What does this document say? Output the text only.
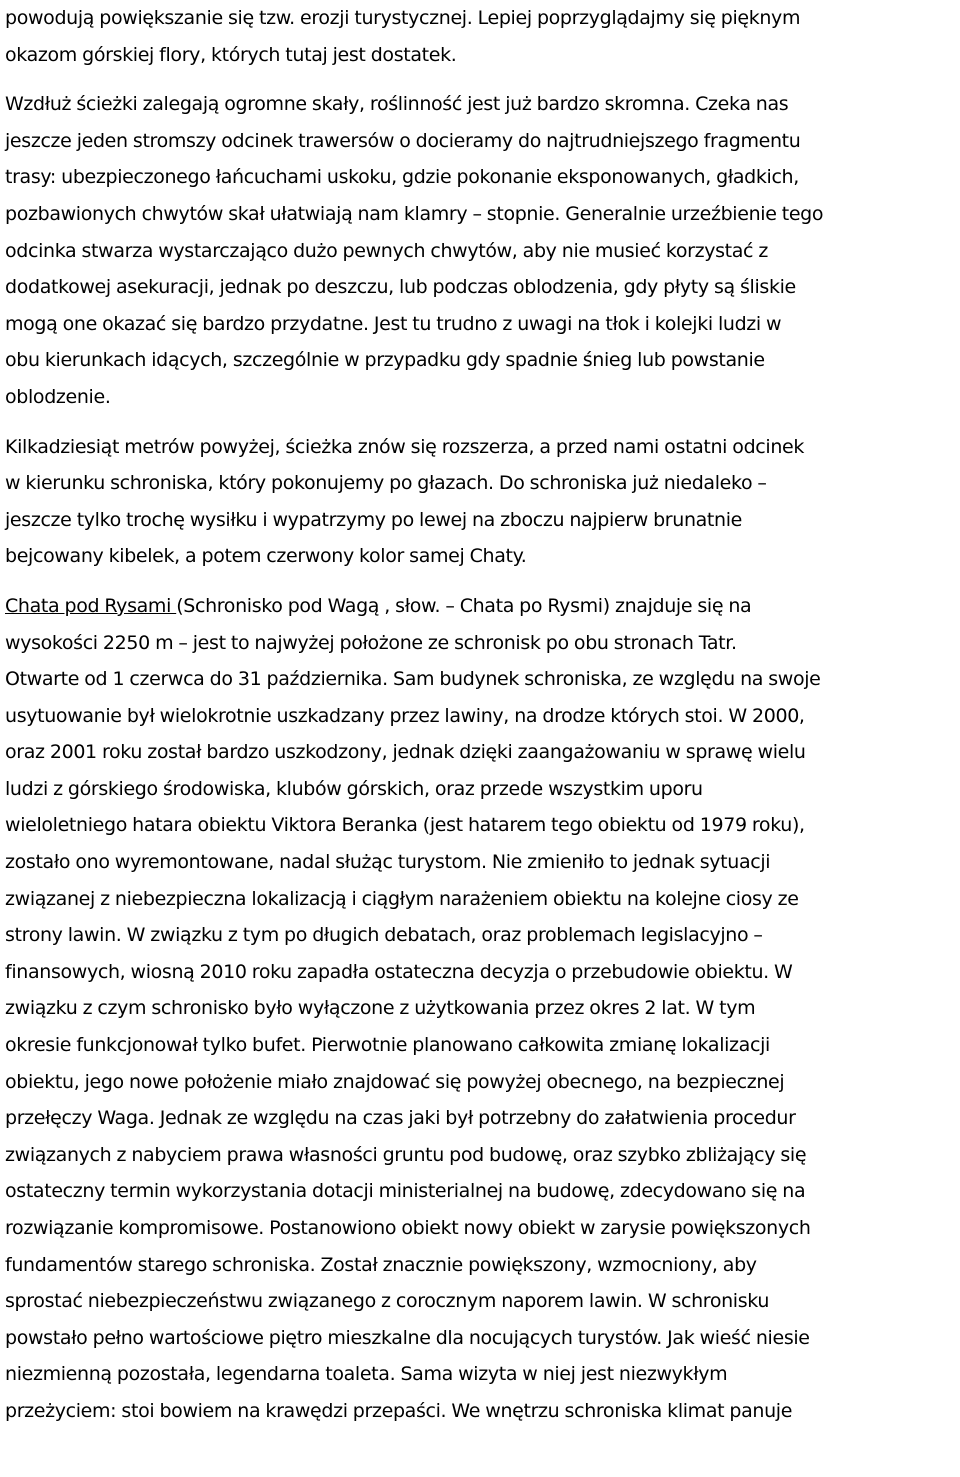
powodują powiększanie się tzw. erozji turystycznej. Lepiej poprzyglądajmy się pięknym
okazom górskiej flory, których tutaj jest dostatek.
Wzdłuż ścieżki zalegają ogromne skały, roślinność jest już bardzo skromna. Czeka nas
jeszcze jeden stromszy odcinek trawersów o docieramy do najtrudniejszego fragmentu
trasy: ubezpieczonego łańcuchami uskoku, gdzie pokonanie eksponowanych, gładkich,
pozbawionych chwytów skał ułatwiają nam klamry – stopnie. Generalnie urzeźbienie tego
odcinka stwarza wystarczająco dużo pewnych chwytów, aby nie musieć korzystać z
dodatkowej asekuracji, jednak po deszczu, lub podczas oblodzenia, gdy płyty są śliskie
mogą one okazać się bardzo przydatne. Jest tu trudno z uwagi na tłok i kolejki ludzi w
obu kierunkach idących, szczególnie w przypadku gdy spadnie śnieg lub powstanie
oblodzenie.
Kilkadziesiąt metrów powyżej, ścieżka znów się rozszerza, a przed nami ostatni odcinek
w kierunku schroniska, który pokonujemy po głazach. Do schroniska już niedaleko –
jeszcze tylko trochę wysiłku i wypatrzymy po lewej na zboczu najpierw brunatnie
bejcowany kibelek, a potem czerwony kolor samej Chaty.
Chata pod Rysami (Schronisko pod Wagą , słow. – Chata po Rysmi) znajduje się na
wysokości 2250 m – jest to najwyżej położone ze schronisk po obu stronach Tatr.
Otwarte od 1 czerwca do 31 października. Sam budynek schroniska, ze względu na swoje
usytuowanie był wielokrotnie uszkadzany przez lawiny, na drodze których stoi. W 2000,
oraz 2001 roku został bardzo uszkodzony, jednak dzięki zaangażowaniu w sprawę wielu
ludzi z górskiego środowiska, klubów górskich, oraz przede wszystkim uporu
wieloletniego hatara obiektu Viktora Beranka (jest hatarem tego obiektu od 1979 roku),
zostało ono wyremontowane, nadal służąc turystom. Nie zmieniło to jednak sytuacji
związanej z niebezpieczna lokalizacją i ciągłym narażeniem obiektu na kolejne ciosy ze
strony lawin. W związku z tym po długich debatach, oraz problemach legislacyjno –
finansowych, wiosną 2010 roku zapadła ostateczna decyzja o przebudowie obiektu. W
związku z czym schronisko było wyłączone z użytkowania przez okres 2 lat. W tym
okresie funkcjonował tylko bufet. Pierwotnie planowano całkowita zmianę lokalizacji
obiektu, jego nowe położenie miało znajdować się powyżej obecnego, na bezpiecznej
przełęczy Waga. Jednak ze względu na czas jaki był potrzebny do załatwienia procedur
związanych z nabyciem prawa własności gruntu pod budowę, oraz szybko zbliżający się
ostateczny termin wykorzystania dotacji ministerialnej na budowę, zdecydowano się na
rozwiązanie kompromisowe. Postanowiono obiekt nowy obiekt w zarysie powiększonych
fundamentów starego schroniska. Został znacznie powiększony, wzmocniony, aby
sprostać niebezpieczeństwu związanego z corocznym naporem lawin. W schronisku
powstało pełno wartościowe piętro mieszkalne dla nocujących turystów. Jak wieść niesie
niezmienną pozostała, legendarna toaleta. Sama wizyta w niej jest niezwykłym
przeżyciem: stoi bowiem na krawędzi przepaści. We wnętrzu schroniska klimat panuje
